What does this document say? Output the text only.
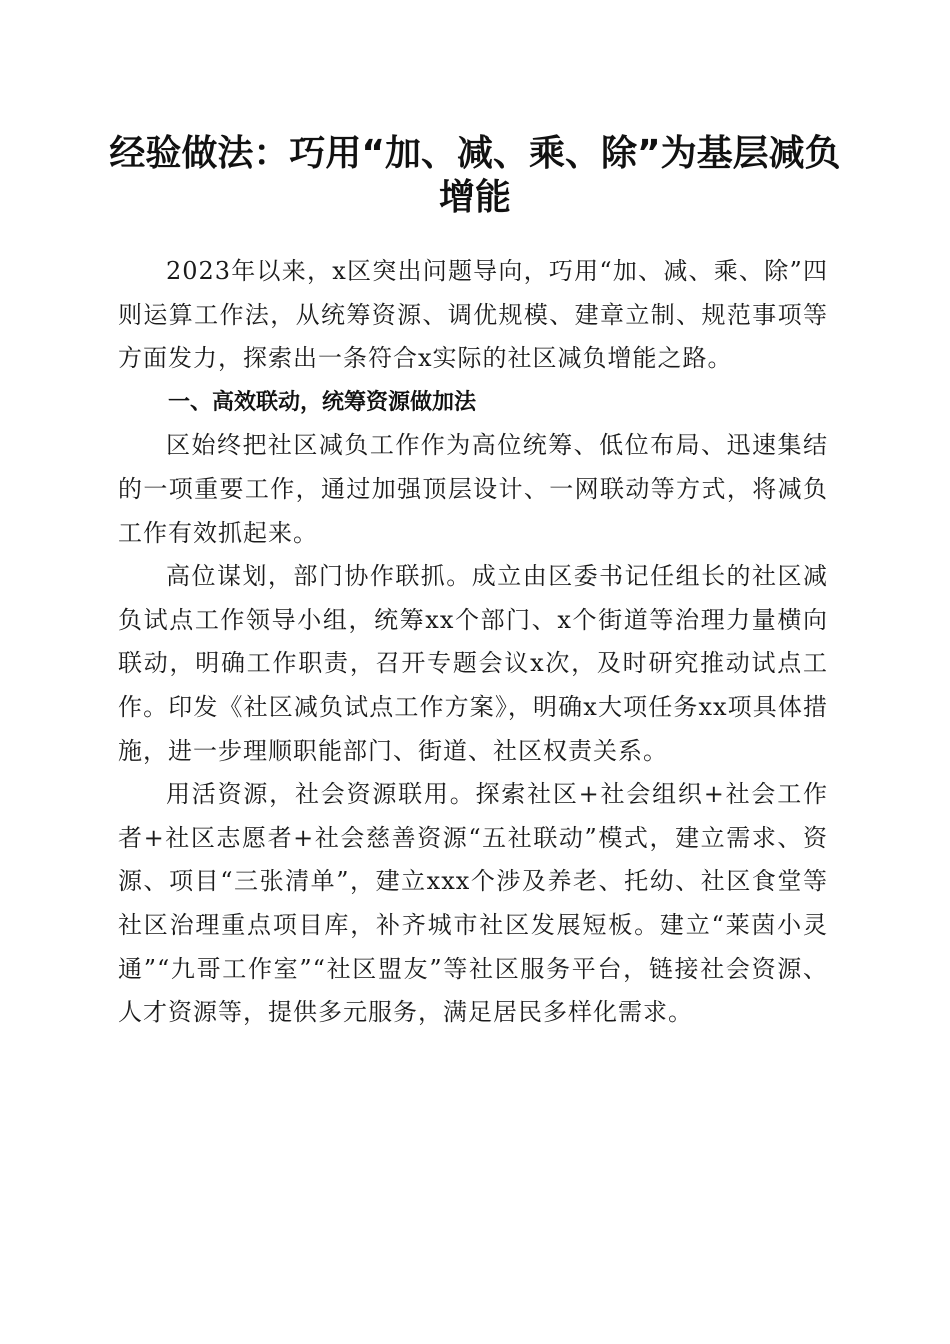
经验做法：巧用“加、减、乘、除”为基层减负增能

2023年以来，x区突出问题导向，巧用“加、减、乘、除”四则运算工作法，从统筹资源、调优规模、建章立制、规范事项等方面发力，探索出一条符合x实际的社区减负增能之路。

一、高效联动，统筹资源做加法

区始终把社区减负工作作为高位统筹、低位布局、迅速集结的一项重要工作，通过加强顶层设计、一网联动等方式，将减负工作有效抓起来。

高位谋划，部门协作联抓。成立由区委书记任组长的社区减负试点工作领导小组，统筹xx个部门、x个街道等治理力量横向联动，明确工作职责，召开专题会议x次，及时研究推动试点工作。印发《社区减负试点工作方案》，明确x大项任务xx项具体措施，进一步理顺职能部门、街道、社区权责关系。

用活资源，社会资源联用。探索社区+社会组织+社会工作者+社区志愿者+社会慈善资源“五社联动”模式，建立需求、资源、项目“三张清单”，建立xxx个涉及养老、托幼、社区食堂等社区治理重点项目库，补齐城市社区发展短板。建立“莱茵小灵通”“九哥工作室”“社区盟友”等社区服务平台，链接社会资源、人才资源等，提供多元服务，满足居民多样化需求。
